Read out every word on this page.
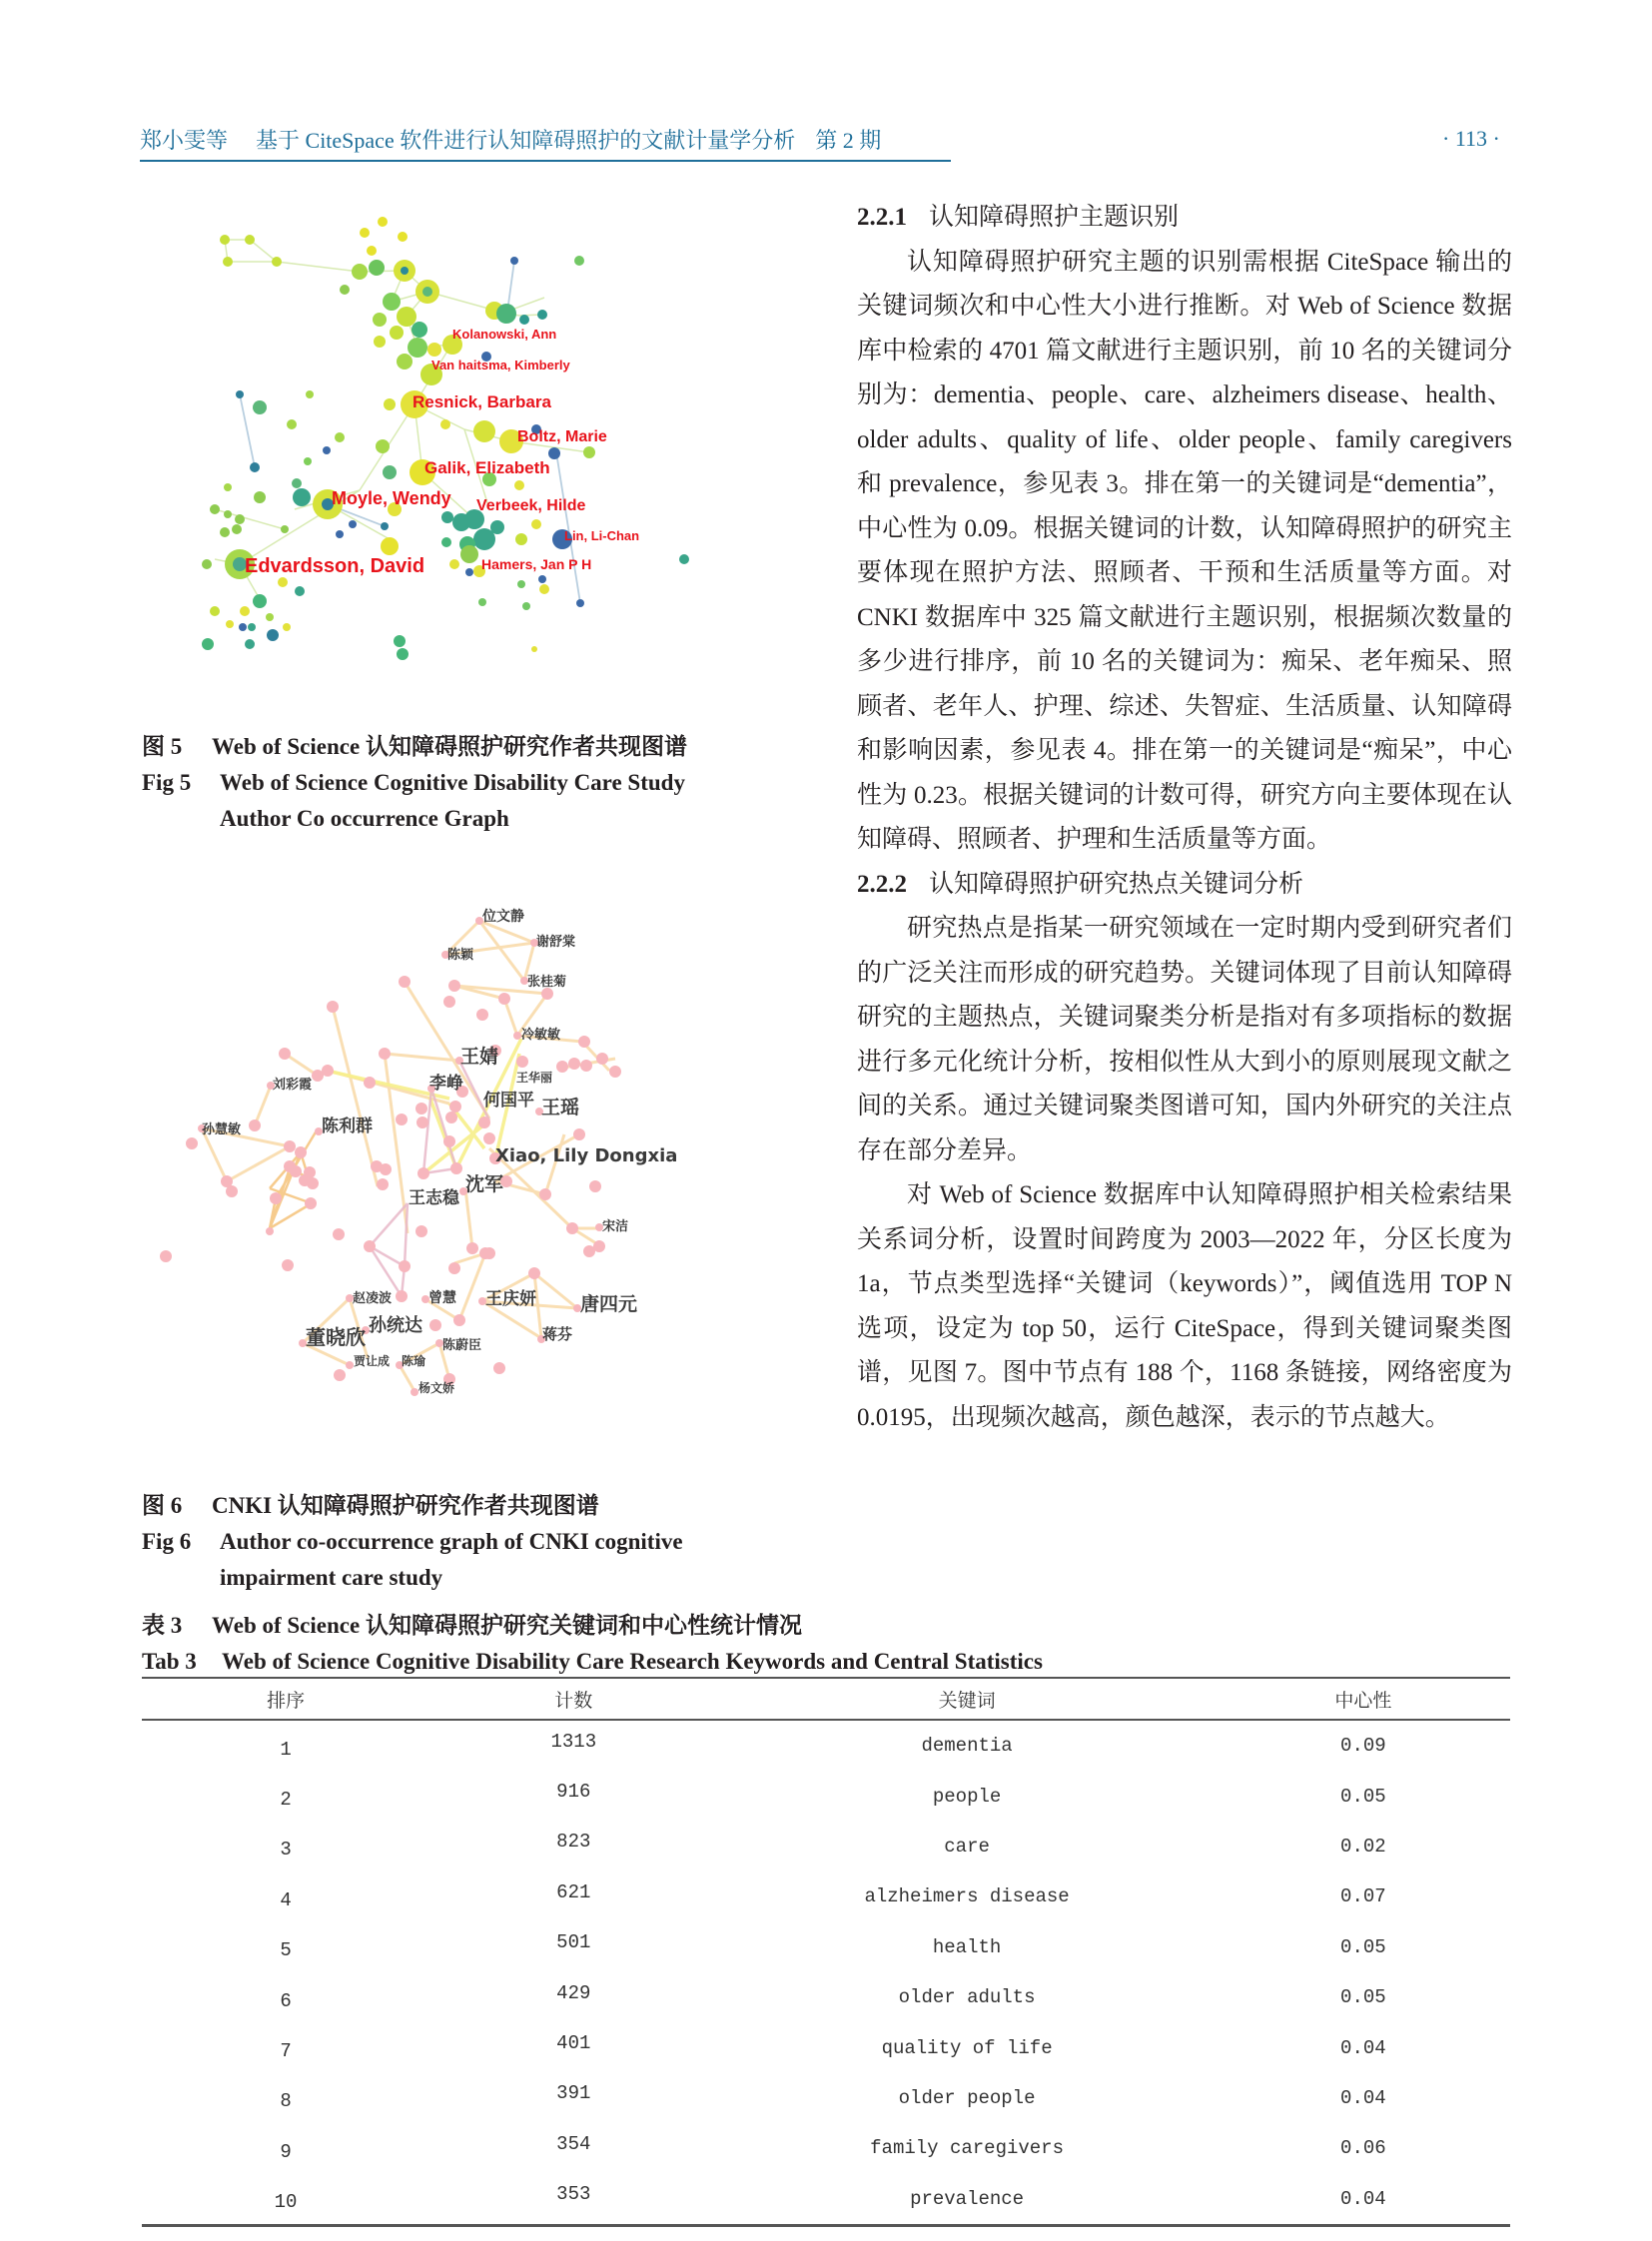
郑小雯等 基于 CiteSpace 软件进行认知障碍照护的文献计量学分析 第 2 期	· 113 ·
Kolanowski, Ann
Van haitsma, Kimberly
Resnick, Barbara
Boltz, Marie
Galik, Elizabeth
Moyle, Wendy Verbeek, Hilde
Lin, Li-Chan
Edvardsson, David	Hamers, Jan P H
图 5 Web of Science 认知障碍照护研究作者共现图谱
Fig 5 Web of Science Cognitive Disability Care Study
Author Co occurrence Graph
位文静
谢舒棠
陈颖
张桂菊
冷敏敏
王婧
刘彩霞	李峥	王华丽
何国平 王瑶
孙慧敏	陈利群
Xiao, Lily Dongxia
沈军
王志稳
宋洁
赵凌波	曾慧 王庆妍 唐四元
孙统达
董晓欣	蒋芬
陈蔚臣
贾让成 陈瑜
杨文娇
图 6 CNKI 认知障碍照护研究作者共现图谱
Fig 6 Author co-occurrence graph of CNKI cognitive
impairment care study
2.2.1 认知障碍照护主题识别

认知障碍照护研究主题的识别需根据 CiteSpace 输出的关键词频次和中心性大小进行推断。对 Web of Science 数据库中检索的 4701 篇文献进行主题识别，前 10 名的关键词分别为：dementia、people、care、alzheimers disease、health、older adults、quality of life、older people、family caregivers 和 prevalence，参见表 3。排在第一的关键词是“dementia”，中心性为 0.09。根据关键词的计数，认知障碍照护的研究主要体现在照护方法、照顾者、干预和生活质量等方面。对 CNKI 数据库中 325 篇文献进行主题识别，根据频次数量的多少进行排序，前 10 名的关键词为：痴呆、老年痴呆、照顾者、老年人、护理、综述、失智症、生活质量、认知障碍和影响因素，参见表 4。排在第一的关键词是“痴呆”，中心性为 0.23。根据关键词的计数可得，研究方向主要体现在认知障碍、照顾者、护理和生活质量等方面。

2.2.2 认知障碍照护研究热点关键词分析

研究热点是指某一研究领域在一定时期内受到研究者们的广泛关注而形成的研究趋势。关键词体现了目前认知障碍研究的主题热点，关键词聚类分析是指对有多项指标的数据进行多元化统计分析，按相似性从大到小的原则展现文献之间的关系。通过关键词聚类图谱可知，国内外研究的关注点存在部分差异。

对 Web of Science 数据库中认知障碍照护相关检索结果关系词分析，设置时间跨度为 2003—2022 年，分区长度为 1a，节点类型选择“关键词（keywords）”，阈值选用 TOP N 选项，设定为 top 50，运行 CiteSpace，得到关键词聚类图谱，见图 7。图中节点有 188 个，1168 条链接，网络密度为 0.0195，出现频次越高，颜色越深，表示的节点越大。

表 3 Web of Science 认知障碍照护研究关键词和中心性统计情况
Tab 3 Web of Science Cognitive Disability Care Research Keywords and Central Statistics
排序	计数	关键词	中心性
1	1313	dementia	0.09
2	916	people	0.05
3	823	care	0.02
4	621	alzheimers disease	0.07
5	501	health	0.05
6	429	older adults	0.05
7	401	quality of life	0.04
8	391	older people	0.04
9	354	family caregivers	0.06
10	353	prevalence	0.04
